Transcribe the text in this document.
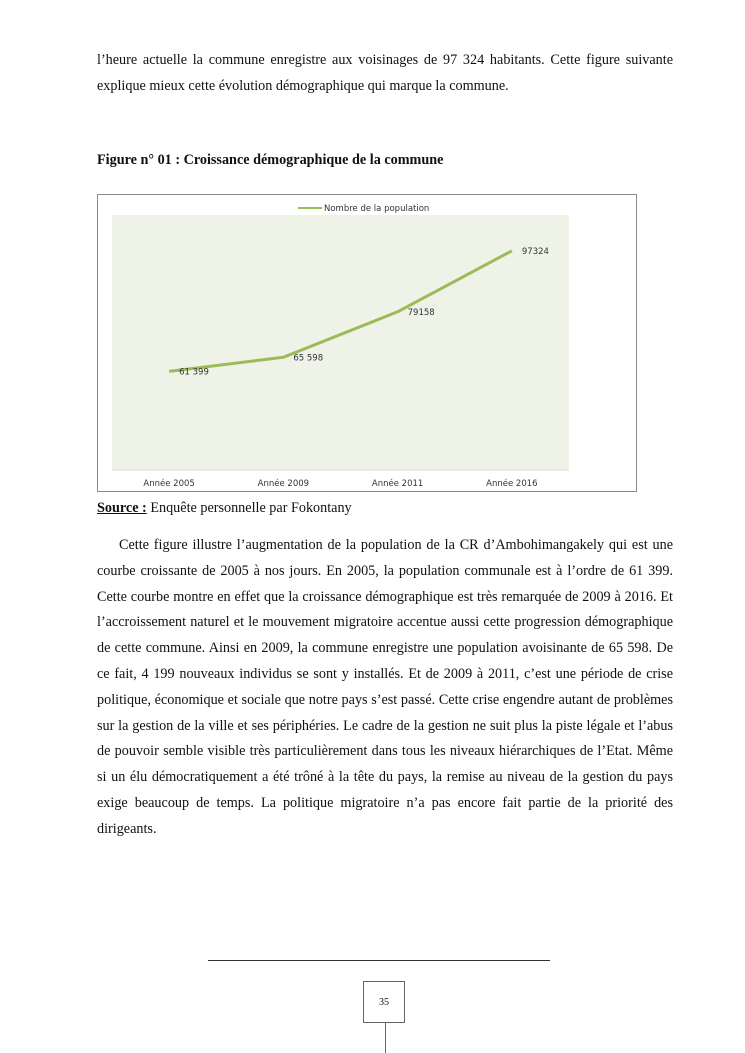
l’heure actuelle la commune enregistre aux voisinages de 97 324 habitants. Cette figure suivante explique mieux cette évolution démographique qui marque la commune.

Figure n° 01 : Croissance démographique de la commune

Nombre de la population
61 399
65 598
79158
97324
Année 2005	Année 2009	Année 2011	Année 2016

Source : Enquête personnelle par Fokontany

Cette figure illustre l’augmentation de la population de la CR d’Ambohimangakely qui est une courbe croissante de 2005 à nos jours. En 2005, la population communale est à l’ordre de 61 399. Cette courbe montre en effet que la croissance démographique est très remarquée de 2009 à 2016. Et l’accroissement naturel et le mouvement migratoire accentue aussi cette progression démographique de cette commune. Ainsi en 2009, la commune enregistre une population avoisinante de 65 598. De ce fait, 4 199 nouveaux individus se sont y installés. Et de 2009 à 2011, c’est une période de crise politique, économique et sociale que notre pays s’est passé. Cette crise engendre autant de problèmes sur la gestion de la ville et ses périphéries. Le cadre de la gestion ne suit plus la piste légale et l’abus de pouvoir semble visible très particulièrement dans tous les niveaux hiérarchiques de l’Etat. Même si un élu démocratiquement a été trôné à la tête du pays, la remise au niveau de la gestion du pays exige beaucoup de temps. La politique migratoire n’a pas encore fait partie de la priorité des dirigeants.

35
